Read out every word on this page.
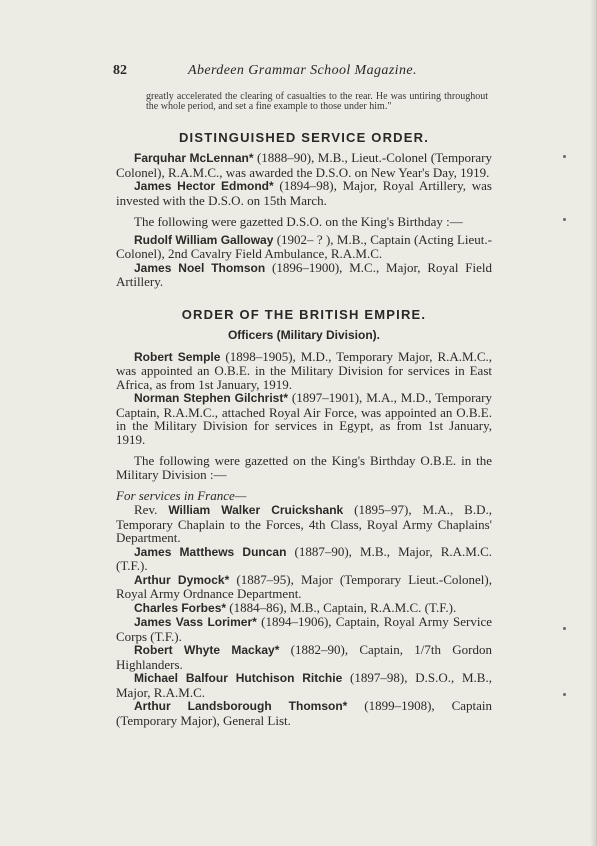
82	Aberdeen Grammar School Magazine.

greatly accelerated the clearing of casualties to the rear. He was untiring throughout the whole period, and set a fine example to those under him."

DISTINGUISHED SERVICE ORDER.

Farquhar McLennan* (1888–90), M.B., Lieut.-Colonel (Temporary Colonel), R.A.M.C., was awarded the D.S.O. on New Year's Day, 1919.

James Hector Edmond* (1894–98), Major, Royal Artillery, was invested with the D.S.O. on 15th March.

The following were gazetted D.S.O. on the King's Birthday :—

Rudolf William Galloway (1902– ? ), M.B., Captain (Acting Lieut.-Colonel), 2nd Cavalry Field Ambulance, R.A.M.C.

James Noel Thomson (1896–1900), M.C., Major, Royal Field Artillery.

ORDER OF THE BRITISH EMPIRE.
Officers (Military Division).

Robert Semple (1898–1905), M.D., Temporary Major, R.A.M.C., was appointed an O.B.E. in the Military Division for services in East Africa, as from 1st January, 1919.

Norman Stephen Gilchrist* (1897–1901), M.A., M.D., Temporary Captain, R.A.M.C., attached Royal Air Force, was appointed an O.B.E. in the Military Division for services in Egypt, as from 1st January, 1919.

The following were gazetted on the King's Birthday O.B.E. in the Military Division :—

For services in France—

Rev. William Walker Cruickshank (1895–97), M.A., B.D., Temporary Chaplain to the Forces, 4th Class, Royal Army Chaplains' Department.

James Matthews Duncan (1887–90), M.B., Major, R.A.M.C. (T.F.).

Arthur Dymock* (1887–95), Major (Temporary Lieut.-Colonel), Royal Army Ordnance Department.

Charles Forbes* (1884–86), M.B., Captain, R.A.M.C. (T.F.).

James Vass Lorimer* (1894–1906), Captain, Royal Army Service Corps (T.F.).

Robert Whyte Mackay* (1882–90), Captain, 1/7th Gordon Highlanders.

Michael Balfour Hutchison Ritchie (1897–98), D.S.O., M.B., Major, R.A.M.C.

Arthur Landsborough Thomson* (1899–1908), Captain (Temporary Major), General List.
